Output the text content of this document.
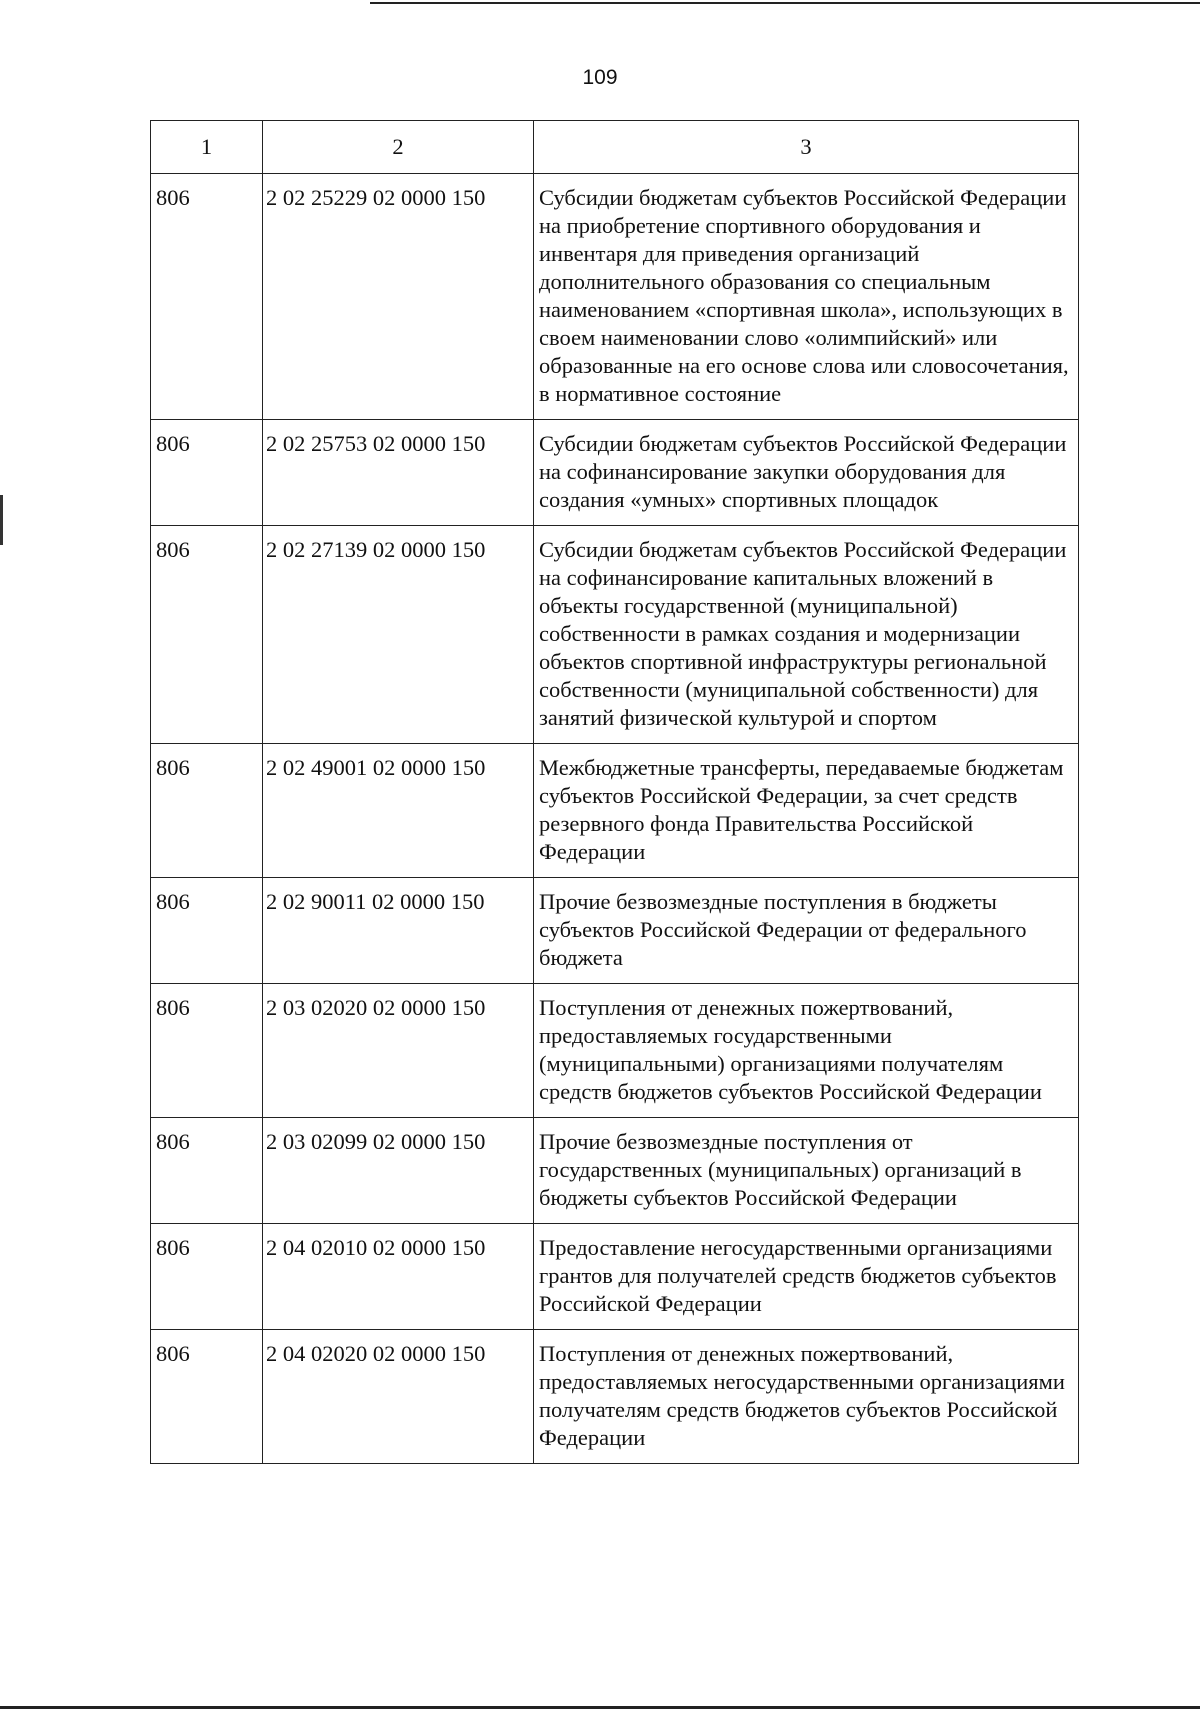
109
1	2	3
806	2 02 25229 02 0000 150	Субсидии бюджетам субъектов Российской Федерации на приобретение спортивного оборудования и инвентаря для приведения организаций дополнительного образования со специальным наименованием «спортивная школа», использующих в своем наименовании слово «олимпийский» или образованные на его основе слова или словосочетания, в нормативное состояние
806	2 02 25753 02 0000 150	Субсидии бюджетам субъектов Российской Федерации на софинансирование закупки оборудования для создания «умных» спортивных площадок
806	2 02 27139 02 0000 150	Субсидии бюджетам субъектов Российской Федерации на софинансирование капитальных вложений в объекты государственной (муниципальной) собственности в рамках создания и модернизации объектов спортивной инфраструктуры региональной собственности (муниципальной собственности) для занятий физической культурой и спортом
806	2 02 49001 02 0000 150	Межбюджетные трансферты, передаваемые бюджетам субъектов Российской Федерации, за счет средств резервного фонда Правительства Российской Федерации
806	2 02 90011 02 0000 150	Прочие безвозмездные поступления в бюджеты субъектов Российской Федерации от федерального бюджета
806	2 03 02020 02 0000 150	Поступления от денежных пожертвований, предоставляемых государственными (муниципальными) организациями получателям средств бюджетов субъектов Российской Федерации
806	2 03 02099 02 0000 150	Прочие безвозмездные поступления от государственных (муниципальных) организаций в бюджеты субъектов Российской Федерации
806	2 04 02010 02 0000 150	Предоставление негосударственными организациями грантов для получателей средств бюджетов субъектов Российской Федерации
806	2 04 02020 02 0000 150	Поступления от денежных пожертвований, предоставляемых негосударственными организациями получателям средств бюджетов субъектов Российской Федерации
